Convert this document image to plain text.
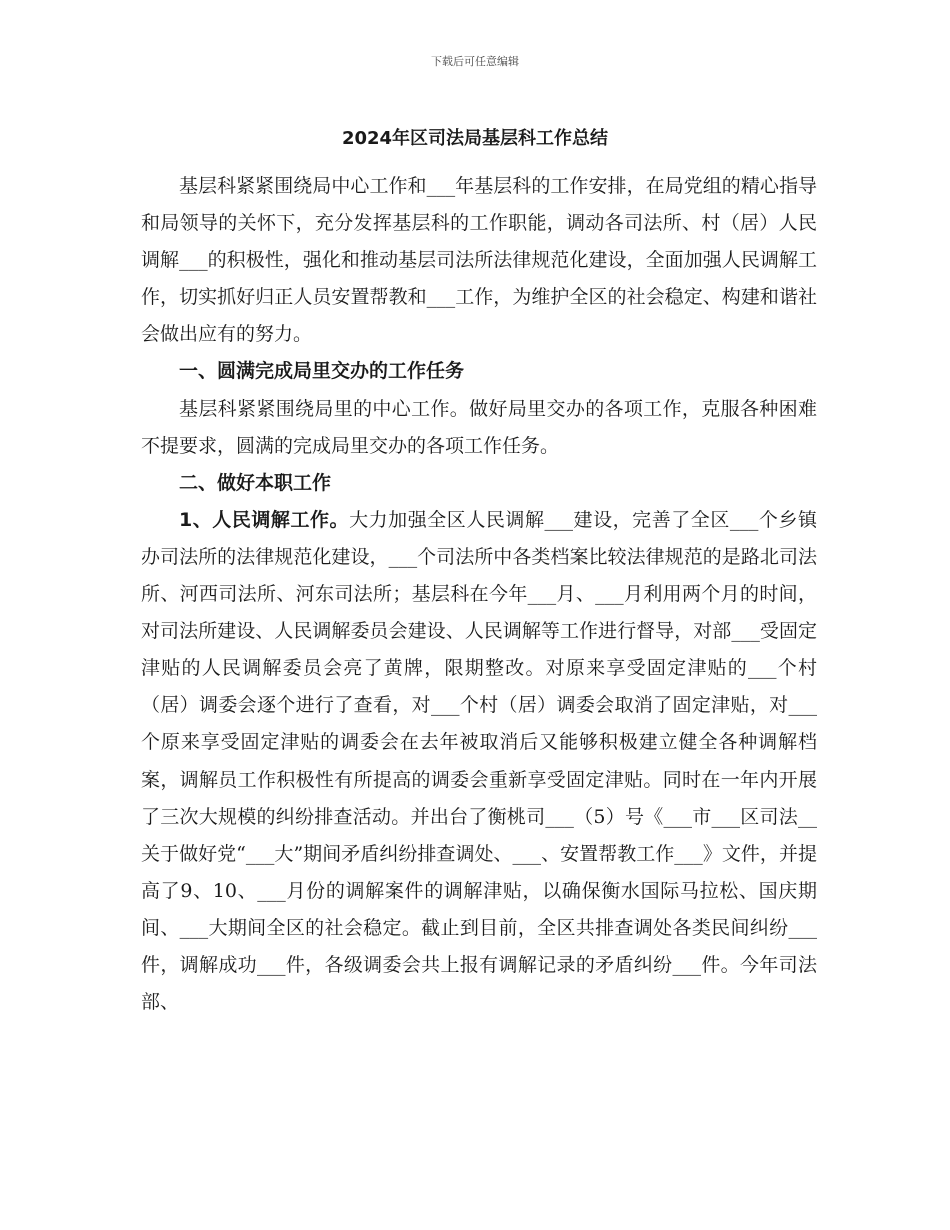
下载后可任意编辑
2024年区司法局基层科工作总结

基层科紧紧围绕局中心工作和___年基层科的工作安排，在局党组的精心指导和局领导的关怀下，充分发挥基层科的工作职能，调动各司法所、村（居）人民调解___的积极性，强化和推动基层司法所法律规范化建设，全面加强人民调解工作，切实抓好归正人员安置帮教和___工作，为维护全区的社会稳定、构建和谐社会做出应有的努力。

一、圆满完成局里交办的工作任务

基层科紧紧围绕局里的中心工作。做好局里交办的各项工作，克服各种困难不提要求，圆满的完成局里交办的各项工作任务。

二、做好本职工作

1、人民调解工作。大力加强全区人民调解___建设，完善了全区___个乡镇办司法所的法律规范化建设，___个司法所中各类档案比较法律规范的是路北司法所、河西司法所、河东司法所；基层科在今年___月、___月利用两个月的时间，对司法所建设、人民调解委员会建设、人民调解等工作进行督导，对部___受固定津贴的人民调解委员会亮了黄牌，限期整改。对原来享受固定津贴的___个村（居）调委会逐个进行了查看，对___个村（居）调委会取消了固定津贴，对___个原来享受固定津贴的调委会在去年被取消后又能够积极建立健全各种调解档案，调解员工作积极性有所提高的调委会重新享受固定津贴。同时在一年内开展了三次大规模的纠纷排查活动。并出台了衡桃司___（5）号《___市___区司法__关于做好党“___大”期间矛盾纠纷排查调处、___、安置帮教工作___》文件，并提高了9、10、___月份的调解案件的调解津贴，以确保衡水国际马拉松、国庆期间、___大期间全区的社会稳定。截止到目前，全区共排查调处各类民间纠纷___件，调解成功___件，各级调委会共上报有调解记录的矛盾纠纷___件。今年司法部、
